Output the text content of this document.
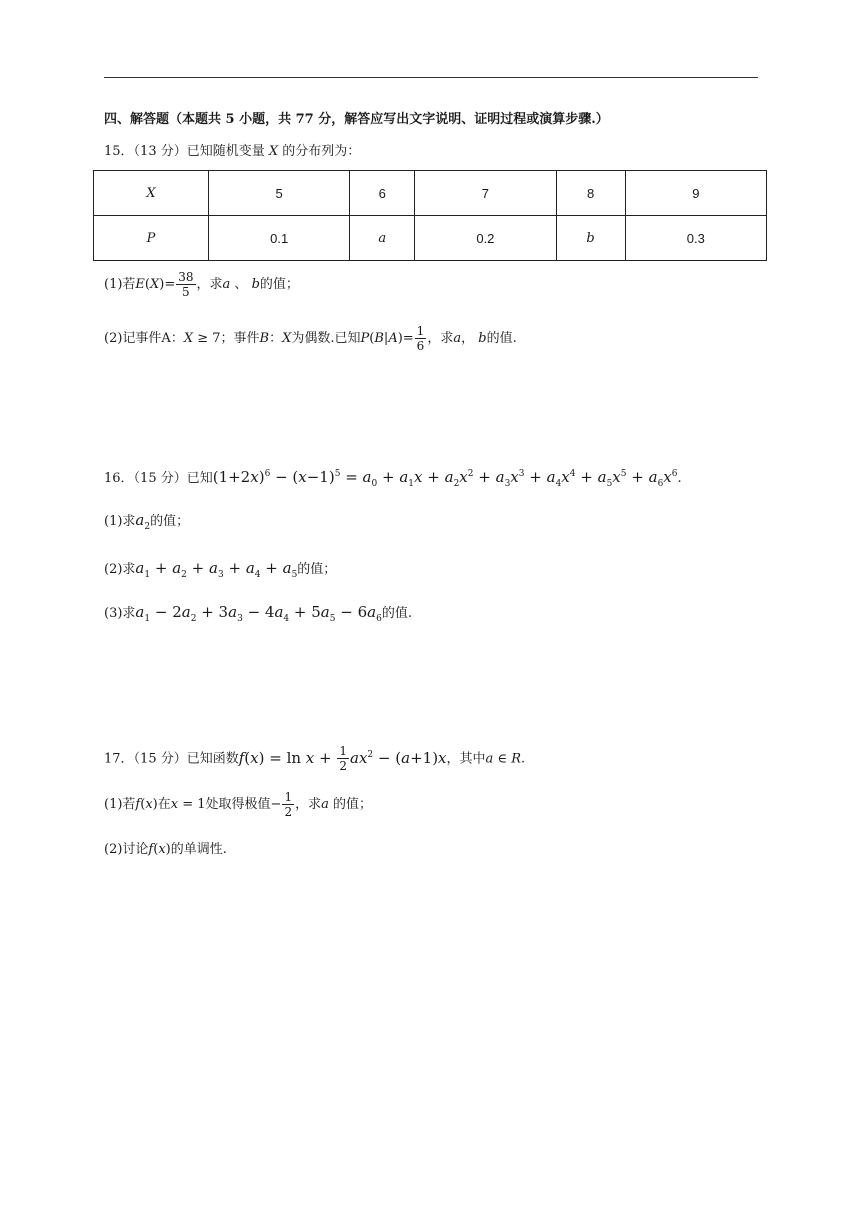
四、解答题（本题共 5 小题，共 77 分，解答应写出文字说明、证明过程或演算步骤.）
15．（13 分）已知随机变量 X 的分布列为：
X	5	6	7	8	9
P	0.1	a	0.2	b	0.3
(1)若$E(X)= \frac{38}{5}$ ，求a 、 b的值；
(2)记事件A：X ≥ 7；事件B：X为偶数.已知$P(B|A)= \frac{1}{6}$ ，求a， b的值.
16．（15 分）已知$(1+2x)^6 - (x-1)^5 = a_0 + a_1x + a_2x^2 + a_3x^3 + a_4x^4 + a_5x^5 + a_6x^6$.
(1)求$a_2$的值；
(2)求$a_1 + a_2 + a_3 + a_4 + a_5$的值；
(3)求$a_1 - 2a_2 + 3a_3 - 4a_4 + 5a_5 - 6a_6$的值.
17．（15 分）已知函数$f(x) = \ln x + \frac{1}{2} ax^2 - (a+1)x$，其中a ∈ R.
(1)若f(x)在x = 1处取得极值− $\frac{1}{2}$ ，求a 的值；
(2)讨论f(x)的单调性.
